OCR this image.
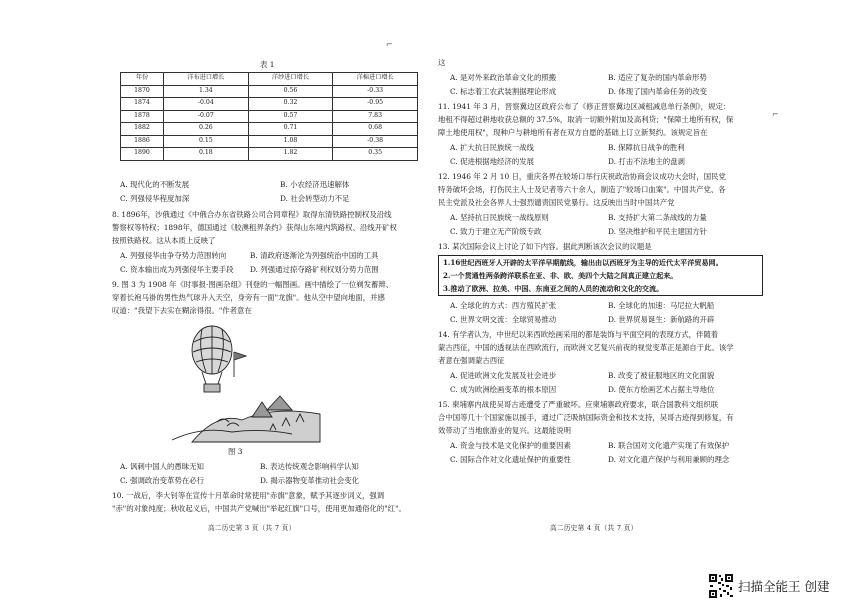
表 1
年份	洋布进口增长	洋纱进口增长	洋棉进口增长
1870	1.34	0.56	-0.33
1874	-0.04	0.32	-0.95
1878	-0.07	0.57	7.83
1882	0.26	0.71	0.68
1886	0.15	1.08	-0.38
1890	0.18	1.82	0.35
A. 现代化的不断发展	B. 小农经济迅速解体
C. 列强侵华程度加深	D. 社会转型动力不足
8. 1896年，沙俄通过《中俄合办东省铁路公司合同章程》取得东清铁路控制权及沿线
警察权等特权；1898年，德国通过《胶澳租界条约》获得山东境内筑路权、沿线开矿权
按照铁路权。这从本质上反映了
A. 列强侵华由争夺势力范围转向	B. 清政府逐渐沦为列强统治中国的工具
C. 资本输出成为列强侵华主要手段 D. 列强通过掠夺路矿利权划分势力范围
9. 图 3 为 1908 年《时事报·图画杂组》刊登的一幅图画。画中描绘了一位剃发蓄辫、
穿着长袍马褂的男性热气球升入天空，身旁有一面"龙旗"。他从空中望向地面，并感
叹道："我望下去实在糊涂得很。"作者意在
图 3
A. 讽刺中国人的愚昧无知	B. 表达传统观念影响科学认知
C. 强调政治变革势在必行	D. 揭示器物变革推动社会变化
10. 一战后，李大钊等在宣传十月革命时常使用"赤旗"意象，赋予其逐步词义，强调
"赤"的对象纯度；秋收起义后，中国共产党喊出"举起红旗"口号，使用更加通俗化的"红"。
高二历史第 3 页（共 7 页）
这
A. 是对外来政治革命文化的照搬	B. 适应了复杂的国内革命形势
C. 标志着工农武装割据理论形成	D. 体现了国内革命任务的改变
11. 1941 年 3 月，晋察冀边区政府公布了《修正晋察冀边区减租减息单行条例》，规定：
地租不得超过耕地收获总额的 37.5%，取消一切额外附加及高利贷；"保障土地所有权，保
障土地使用权"，现种户与耕地所有者在双方自愿的基础上订立新契约。该规定旨在
A. 扩大抗日民族统一战线	B. 保障抗日战争的胜利
C. 促进根据地经济的发展	D. 打击不法地主的盘剥
12. 1946 年 2 月 10 日，重庆各界在较场口举行庆祝政治协商会议成功大会时，国民党
特务破坏会场，打伤民主人士及记者等六十余人，制造了"较场口血案"。中国共产党、各
民主党派及社会各界人士强烈谴责国民党暴行。这反映出当时中国共产党
A. 坚持抗日民族统一战线原则	B. 支持扩大第二条战线的力量
C. 致力于建立无产阶级专政	D. 坚决维护和平民主建国方针
13. 某次国际会议上讨论了如下内容。据此判断该次会议的议题是
1.16世纪西班牙人开辟的太平洋早期航线，输出由以西班牙为主导的近代太平洋贸易网。
2.一个贯通性两条跨洋联系在亚、非、欧、美四个大陆之间真正建立起来。
3.推动了欧洲、拉美、中国、东南亚之间的人员的流动和文化的交流。
A. 全球化的方式：西方殖民扩张	B. 全球化的加速：马尼拉大帆船
C. 世界文明交流：全球贸易推动	D. 世界贸易诞生：新航路的开辟
14. 有学者认为，中世纪以来西欧绘画采用的都是装饰与平面空间的表现方式，伴随着
蒙古西征，中国的透视法在西欧流行，而欧洲文艺复兴前夜的视觉变革正是源自于此。该学
者意在强调蒙古西征
A. 促进欧洲文化发展及社会进步	B. 改变了被征服地区的文化面貌
C. 成为欧洲绘画变革的根本原因	D. 使东方绘画艺术占据主导地位
15. 柬埔寨内战使吴哥古迹遭受了严重破坏。应柬埔寨政府要求，联合国教科文组织联
合中国等几十个国家施以援手，通过广泛吸纳国际资金和技术支持，吴哥古迹得到修复，有
效带动了当地旅游业的复兴。这最能说明
A. 资金与技术是文化保护的重要因素	B. 联合国对文化遗产实现了有效保护
C. 国际合作对文化遗址保护的重要性	D. 对文化遗产保护与利用兼顾的理念
高二历史第 4 页（共 7 页）
⌐
⌐
扫描全能王 创建
